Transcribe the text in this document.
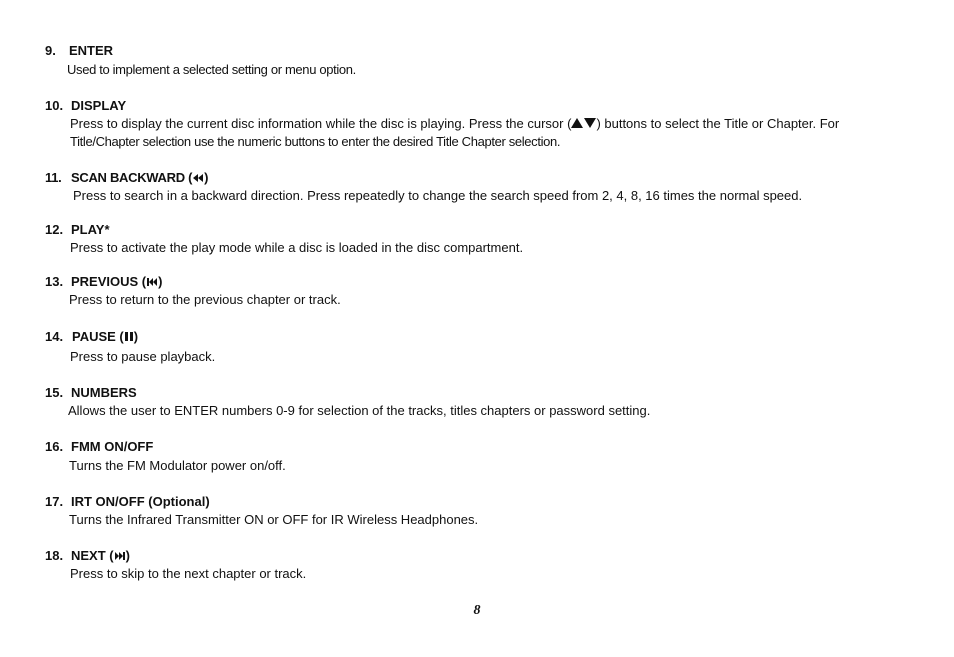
9. ENTER
Used to implement a selected setting or menu option.
10. DISPLAY
Press to display the current disc information while the disc is playing. Press the cursor ( ) buttons to select the Title or Chapter. For
Title/Chapter selection use the numeric buttons to enter the desired Title Chapter selection.
11. SCAN BACKWARD ( )
Press to search in a backward direction. Press repeatedly to change the search speed from 2, 4, 8, 16 times the normal speed.
12. PLAY*
Press to activate the play mode while a disc is loaded in the disc compartment.
13. PREVIOUS ( )
Press to return to the previous chapter or track.
14. PAUSE ( )
Press to pause playback.
15. NUMBERS
Allows the user to ENTER numbers 0-9 for selection of the tracks, titles chapters or password setting.
16. FMM ON/OFF
Turns the FM Modulator power on/off.
17. IRT ON/OFF (Optional)
Turns the Infrared Transmitter ON or OFF for IR Wireless Headphones.
18. NEXT ( )
Press to skip to the next chapter or track.
8
